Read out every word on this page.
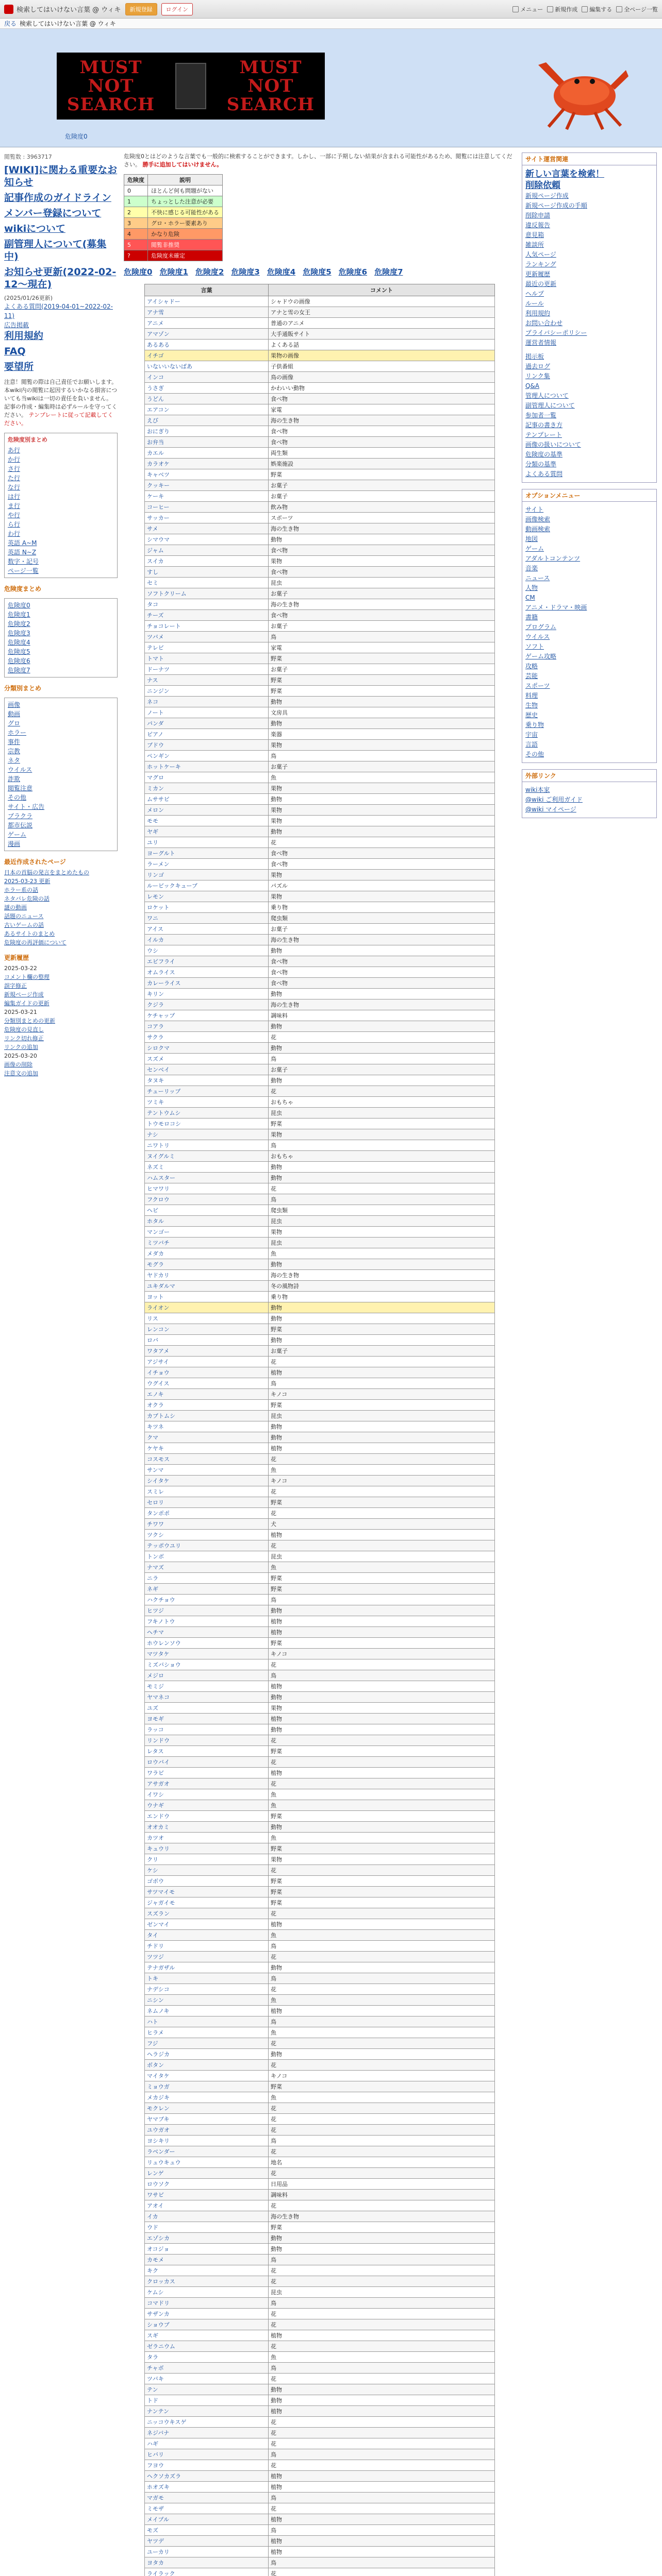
検索してはいけない言葉 @ ウィキ	新規登録	ログイン	メニュー 新規作成 編集する 全ページ一覧
戻る 検索してはいけない言葉 @ ウィキ
MUST
NOT
SEARCH
MUST
NOT
SEARCH
危険度0
閲覧数 : 3963717
[WIKI]に関わる重要なお知らせ
記事作成のガイドライン
メンバー登録について
wikiについて
副管理人について(募集中)
お知らせ更新(2022-02-12～現在)
(2025/01/26更新)
よくある質問(2019-04-01~2022-02-11)
広告掲載
利用規約
FAQ
要望所
注意！閲覧の際は自己責任でお願いします。本wiki内の閲覧に起因するいかなる損害についても当wikiは一切の責任を負いません。記事の作成・編集時は必ずルールを守ってください。 テンプレートに従って記載してください。
危険度別まとめ
あ行
か行
さ行
た行
な行
は行
ま行
や行
ら行
わ行
英語 A~M
英語 N~Z
数字・記号
ページ一覧
危険度まとめ
危険度0
危険度1
危険度2
危険度3
危険度4
危険度5
危険度6
危険度7
分類別まとめ
画像
動画
グロ
ホラー
事件
宗教
ネタ
ウイルス
詐欺
閲覧注意
その他
サイト・広告
ブラクラ
都市伝説
ゲーム
漫画
最近作成されたページ
日本の首脳の発言をまとめたもの
2025-03-23 更新
ホラー系の話
ネタバレ危険の話
謎の動画
話題のニュース
古いゲームの話
あるサイトのまとめ
危険度の再評価について
更新履歴
2025-03-22
コメント欄の整理
誤字修正
新規ページ作成
編集ガイドの更新
2025-03-21
分類別まとめの更新
危険度の見直し
リンク切れ修正
リンクの追加
2025-03-20
画像の削除
注意文の追加
危険度0とはどのような言葉でも一般的に検索することができます。しかし、一部に予期しない結果が含まれる可能性があるため、閲覧には注意してください。 勝手に追加してはいけません。
危険度	説明
0	ほとんど何も問題がない
1	ちょっとした注意が必要
2	不快に感じる可能性がある
3	グロ・ホラー要素あり
4	かなり危険
5	閲覧非推奨
?	危険度未確定
危険度0 危険度1 危険度2 危険度3 危険度4 危険度5 危険度6 危険度7
言葉	コメント
アイシャドー	シャドウの画像
アナ雪	アナと雪の女王
アニメ	普通のアニメ
アマゾン	大手通販サイト
あるある	よくある話
イチゴ	果物の画像
いないいないばあ	子供番組
インコ	鳥の画像
うさぎ	かわいい動物
うどん	食べ物
エアコン	家電
えび	海の生き物
おにぎり	食べ物
お弁当	食べ物
カエル	両生類
カラオケ	娯楽施設
キャベツ	野菜
クッキー	お菓子
ケーキ	お菓子
コーヒー	飲み物
サッカー	スポーツ
サメ	海の生き物
シマウマ	動物
ジャム	食べ物
スイカ	果物
すし	食べ物
セミ	昆虫
ソフトクリーム	お菓子
タコ	海の生き物
チーズ	食べ物
チョコレート	お菓子
ツバメ	鳥
テレビ	家電
トマト	野菜
ドーナツ	お菓子
ナス	野菜
ニンジン	野菜
ネコ	動物
ノート	文房具
パンダ	動物
ピアノ	楽器
ブドウ	果物
ペンギン	鳥
ホットケーキ	お菓子
マグロ	魚
ミカン	果物
ムササビ	動物
メロン	果物
モモ	果物
ヤギ	動物
ユリ	花
ヨーグルト	食べ物
ラーメン	食べ物
リンゴ	果物
ルービックキューブ	パズル
レモン	果物
ロケット	乗り物
ワニ	爬虫類
アイス	お菓子
イルカ	海の生き物
ウシ	動物
エビフライ	食べ物
オムライス	食べ物
カレーライス	食べ物
キリン	動物
クジラ	海の生き物
ケチャップ	調味料
コアラ	動物
サクラ	花
シロクマ	動物
スズメ	鳥
センベイ	お菓子
タヌキ	動物
チューリップ	花
ツミキ	おもちゃ
テントウムシ	昆虫
トウモロコシ	野菜
ナシ	果物
ニワトリ	鳥
ヌイグルミ	おもちゃ
ネズミ	動物
ハムスター	動物
ヒマワリ	花
フクロウ	鳥
ヘビ	爬虫類
ホタル	昆虫
マンゴー	果物
ミツバチ	昆虫
メダカ	魚
モグラ	動物
ヤドカリ	海の生き物
ユキダルマ	冬の風物詩
ヨット	乗り物
ライオン	動物
リス	動物
レンコン	野菜
ロバ	動物
ワタアメ	お菓子
アジサイ	花
イチョウ	植物
ウグイス	鳥
エノキ	キノコ
オクラ	野菜
カブトムシ	昆虫
キツネ	動物
クマ	動物
ケヤキ	植物
コスモス	花
サンマ	魚
シイタケ	キノコ
スミレ	花
セロリ	野菜
タンポポ	花
チワワ	犬
ツクシ	植物
テッポウユリ	花
トンボ	昆虫
ナマズ	魚
ニラ	野菜
ネギ	野菜
ハクチョウ	鳥
ヒツジ	動物
フキノトウ	植物
ヘチマ	植物
ホウレンソウ	野菜
マツタケ	キノコ
ミズバショウ	花
メジロ	鳥
モミジ	植物
ヤマネコ	動物
ユズ	果物
ヨモギ	植物
ラッコ	動物
リンドウ	花
レタス	野菜
ロウバイ	花
ワラビ	植物
アサガオ	花
イワシ	魚
ウナギ	魚
エンドウ	野菜
オオカミ	動物
カツオ	魚
キュウリ	野菜
クリ	果物
ケシ	花
ゴボウ	野菜
サツマイモ	野菜
ジャガイモ	野菜
スズラン	花
ゼンマイ	植物
タイ	魚
チドリ	鳥
ツツジ	花
テナガザル	動物
トキ	鳥
ナデシコ	花
ニシン	魚
ネムノキ	植物
ハト	鳥
ヒラメ	魚
フジ	花
ヘラジカ	動物
ボタン	花
マイタケ	キノコ
ミョウガ	野菜
メカジキ	魚
モクレン	花
ヤマブキ	花
ユウガオ	花
ヨシキリ	鳥
ラベンダー	花
リュウキュウ	地名
レンゲ	花
ロウソク	日用品
ワサビ	調味料
アオイ	花
イカ	海の生き物
ウド	野菜
エゾシカ	動物
オコジョ	動物
カモメ	鳥
キク	花
クロッカス	花
ケムシ	昆虫
コマドリ	鳥
サザンカ	花
ショウブ	花
スギ	植物
ゼラニウム	花
タラ	魚
チャボ	鳥
ツバキ	花
テン	動物
トド	動物
ナンテン	植物
ニッコウキスゲ	花
ネジバナ	花
ハギ	花
ヒバリ	鳥
フヨウ	花
ヘクソカズラ	植物
ホオズキ	植物
マガモ	鳥
ミモザ	花
メイプル	植物
モズ	鳥
ヤツデ	植物
ユーカリ	植物
ヨタカ	鳥
ライラック	花

サイト運営関連
新しい言葉を検索！
削除依頼
新規ページ作成
新規ページ作成の手順
削除申請
違反報告
意見箱
雑談所
人気ページ
ランキング
更新履歴
最近の更新
ヘルプ
ルール
利用規約
お問い合わせ
プライバシーポリシー
運営者情報
掲示板
過去ログ
リンク集
Q&A
管理人について
副管理人について
参加者一覧
記事の書き方
テンプレート
画像の扱いについて
危険度の基準
分類の基準
よくある質問
オプションメニュー
サイト
画像検索
動画検索
地図
ゲーム
アダルトコンテンツ
音楽
ニュース
人物
CM
アニメ・ドラマ・映画
書籍
プログラム
ウイルス
ソフト
ゲーム攻略
攻略
芸能
スポーツ
料理
生物
歴史
乗り物
宇宙
言語
その他
外部リンク
wiki本家
@wiki ご利用ガイド
@wiki マイページ
